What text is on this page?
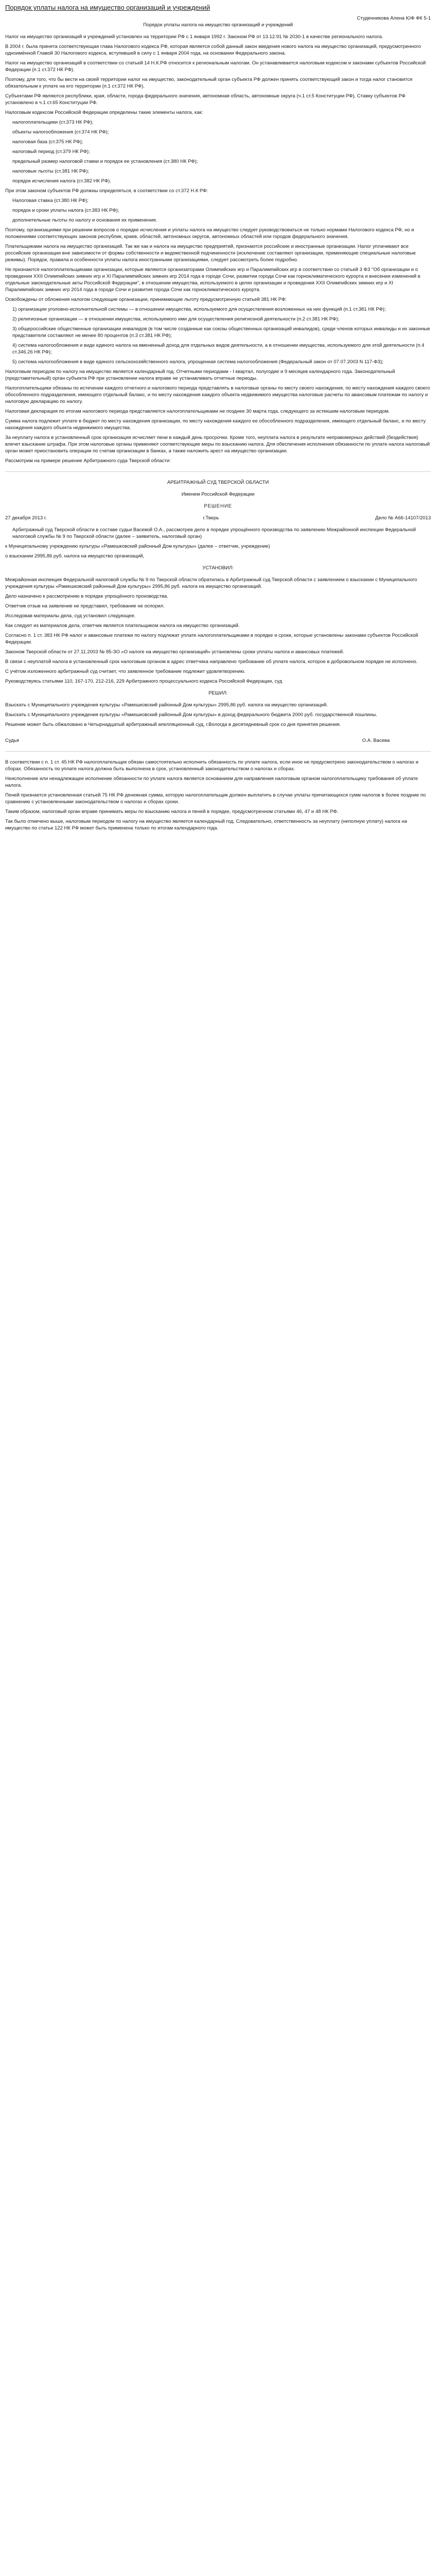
Порядок уплаты налога на имущество организаций и учреждений

Студенникова Алена ЮФ ФК 5-1

Порядок уплаты налога на имущество организаций и учреждений

Налог на имущество организаций и учреждений установлен на территории РФ с 1 января 1992 г. Законом РФ от 13.12.91 № 2030-1 в качестве регионального налога.

В 2004 г. была принята соответствующая глава Налогового кодекса РФ, которая является собой данный закон введения нового налога на имущество организаций, предусмотренного одноимённой Главой 30 Налогового кодекса, вступившей в силу с 1 января 2004 года, на основании Федерального закона.

Налог на имущество организаций в соответствии со статьей 14 Н.К.РФ относится к региональным налогам. Он устанавливается налоговым кодексом и законами субъектов Российской Федерации (п.1 ст.372 НК РФ).

Поэтому, для того, что бы вести на своей территории налог на имущество, законодательный орган субъекта РФ должен принять соответствующий закон и тогда налог становится обязательным к уплате на его территории (п.1 ст.372 НК РФ).

Субъектами РФ являются республики, края, области, города федерального значения, автономная область, автономные округа (ч.1 ст.5 Конституции РФ). Ставку субъектов РФ установлено в ч.1 ст.65 Конституции РФ.

Налоговым кодексом Российской Федерации определены такие элементы налога, как:

налогоплательщики (ст.373 НК РФ);

объекты налогообложения (ст.374 НК РФ);

налоговая база (ст.375 НК РФ);

налоговый период (ст.379 НК РФ);

предельный размер налоговой ставки и порядок ее установления (ст.380 НК РФ);

налоговые льготы (ст.381 НК РФ);

порядок исчисления налога (ст.382 НК РФ).

При этом законом субъектов РФ должны определяться, в соответствии со ст.372 Н.К РФ:

Налоговая ставка (ст.380 НК РФ);

порядок и сроки уплаты налога (ст.383 НК РФ);

дополнительные льготы по налогу и основания их применения.

Поэтому, организациями при решении вопросов о порядке исчисления и уплаты налога на имущество следует руководствоваться не только нормами Налогового кодекса РФ, но и положениями соответствующих законов республик, краев, областей, автономных округов, автономных областей или городов федерального значения.

Плательщиками налога на имущество организаций. Так же как и налога на имущество предприятий, признаются российские и иностранные организации. Налог уплачивают все российские организации вне зависимости от формы собственности и ведомственной подчиненности (исключение составляют организации, применяющие специальные налоговые режимы). Порядок, правила и особенности уплаты налога иностранными организациями, следует рассмотреть более подробно.

Не признаются налогоплательщиками организации, которые являются организаторами Олимпийских игр и Паралимпийских игр в соответствии со статьей 3 ФЗ "Об организации и о проведении XXII Олимпийских зимних игр и XI Паралимпийских зимних игр 2014 года в городе Сочи, развитии города Сочи как горноклиматического курорта и внесении изменений в отдельные законодательные акты Российской Федерации", в отношении имущества, используемого в целях организации и проведения XXII Олимпийских зимних игр и XI Паралимпийских зимних игр 2014 года в городе Сочи и развития города Сочи как горноклиматического курорта.

Освобождены от обложения налогом следующие организации, принимающие льготу предусмотренную статьей 381 НК РФ:

1) организации уголовно-исполнительной системы — в отношении имущества, используемого для осуществления возложенных на них функций (п.1 ст.381 НК РФ);

2) религиозные организации — в отношении имущества, используемого ими для осуществления религиозной деятельности (п.2 ст.381 НК РФ);

3) общероссийские общественные организации инвалидов (в том числе созданные как союзы общественных организаций инвалидов), среди членов которых инвалиды и их законные представители составляют не менее 80 процентов (п.3 ст.381 НК РФ);

4) система налогообложения и виде единого налога на вмененный доход для отдельных видов деятельности, а в отношении имущества, используемого для этой деятельности (п.4 ст.346.26 НК РФ);

5) система налогообложения в виде единого сельскохозяйственного налога, упрощенная система налогообложения (Федеральный закон от 07.07.2003 N 117-ФЗ);

Налоговым периодом по налогу на имущество является календарный год. Отчетными периодами - I квартал, полугодие и 9 месяцев календарного года. Законодательный (представительный) орган субъекта РФ при установлении налога вправе не устанавливать отчетные периоды.

Налогоплательщики обязаны по истечении каждого отчетного и налогового периода представлять в налоговые органы по месту своего нахождения, по месту нахождения каждого своего обособленного подразделения, имеющего отдельный баланс, и по месту нахождения каждого объекта недвижимого имущества налоговые расчеты по авансовым платежам по налогу и налоговую декларацию по налогу.

Налоговая декларация по итогам налогового периода представляется налогоплательщиками не позднее 30 марта года, следующего за истекшим налоговым периодом.

Сумма налога подлежит уплате в бюджет по месту нахождения организации, по месту нахождения каждого ее обособленного подразделения, имеющего отдельный баланс, и по месту нахождения каждого объекта недвижимого имущества.

За неуплату налога в установленный срок организация исчисляет пени в каждый день просрочки. Кроме того, неуплата налога в результате неправомерных действий (бездействия) влечет взыскание штрафа. При этом налоговые органы применяют соответствующие меры по взысканию налога. Для обеспечения исполнения обязанности по уплате налога налоговый орган может приостановить операции по счетам организации в банках, а также наложить арест на имущество организации.

Рассмотрим на примере решение Арбитражного суда Тверской области:

АРБИТРАЖНЫЙ СУД ТВЕРСКОЙ ОБЛАСТИ

Именем Российской Федерации

РЕШЕНИЕ

27 декабря 2013 г.	г.Тверь	Дело № А66-14107/2013

Арбитражный суд Тверской области в составе судьи Васевой О.А., рассмотрев дело в порядке упрощённого производства по заявлению Межрайонной инспекции Федеральной налоговой службы № 9 по Тверской области (далее – заявитель, налоговый орган)

к Муниципальному учреждению культуры «Рамешковский районный Дом культуры» (далее – ответчик, учреждение)

о взыскании 2995,86 руб. налога на имущество организаций,

УСТАНОВИЛ:

Межрайонная инспекция Федеральной налоговой службы № 9 по Тверской области обратилась в Арбитражный суд Тверской области с заявлением о взыскании с Муниципального учреждения культуры «Рамешковский районный Дом культуры» 2995,86 руб. налога на имущество организаций.

Дело назначено к рассмотрению в порядке упрощённого производства.

Ответчик отзыв на заявление не представил, требование не оспорил.

Исследовав материалы дела, суд установил следующее.

Как следует из материалов дела, ответчик является плательщиком налога на имущество организаций.

Согласно п. 1 ст. 383 НК РФ налог и авансовые платежи по налогу подлежат уплате налогоплательщиками в порядке и сроки, которые установлены законами субъектов Российской Федерации.

Законом Тверской области от 27.11.2003 № 85-ЗО «О налоге на имущество организаций» установлены сроки уплаты налога и авансовых платежей.

В связи с неуплатой налога в установленный срок налоговым органом в адрес ответчика направлено требование об уплате налога, которое в добровольном порядке не исполнено.

С учётом изложенного арбитражный суд считает, что заявленное требование подлежит удовлетворению.

Руководствуясь статьями 110, 167-170, 212-216, 229 Арбитражного процессуального кодекса Российской Федерации, суд

РЕШИЛ:

Взыскать с Муниципального учреждения культуры «Рамешковский районный Дом культуры» 2995,86 руб. налога на имущество организаций.

Взыскать с Муниципального учреждения культуры «Рамешковский районный Дом культуры» в доход федерального бюджета 2000 руб. государственной пошлины.

Решение может быть обжаловано в Четырнадцатый арбитражный апелляционный суд, г.Вологда в десятидневный срок со дня принятия решения.

Судья	О.А. Васева

В соответствии с п. 1 ст. 45 НК РФ налогоплательщик обязан самостоятельно исполнить обязанность по уплате налога, если иное не предусмотрено законодательством о налогах и сборах. Обязанность по уплате налога должна быть выполнена в срок, установленный законодательством о налогах и сборах.

Неисполнение или ненадлежащее исполнение обязанности по уплате налога является основанием для направления налоговым органом налогоплательщику требования об уплате налога.

Пеней признается установленная статьей 75 НК РФ денежная сумма, которую налогоплательщик должен выплатить в случае уплаты причитающихся сумм налогов в более поздние по сравнению с установленными законодательством о налогах и сборах сроки.

Таким образом, налоговый орган вправе принимать меры по взысканию налога и пеней в порядке, предусмотренном статьями 46, 47 и 48 НК РФ.

Так было отмечено выше, налоговым периодом по налогу на имущество является календарный год. Следовательно, ответственность за неуплату (неполную уплату) налога на имущество по статье 122 НК РФ может быть применена только по итогам календарного года.
